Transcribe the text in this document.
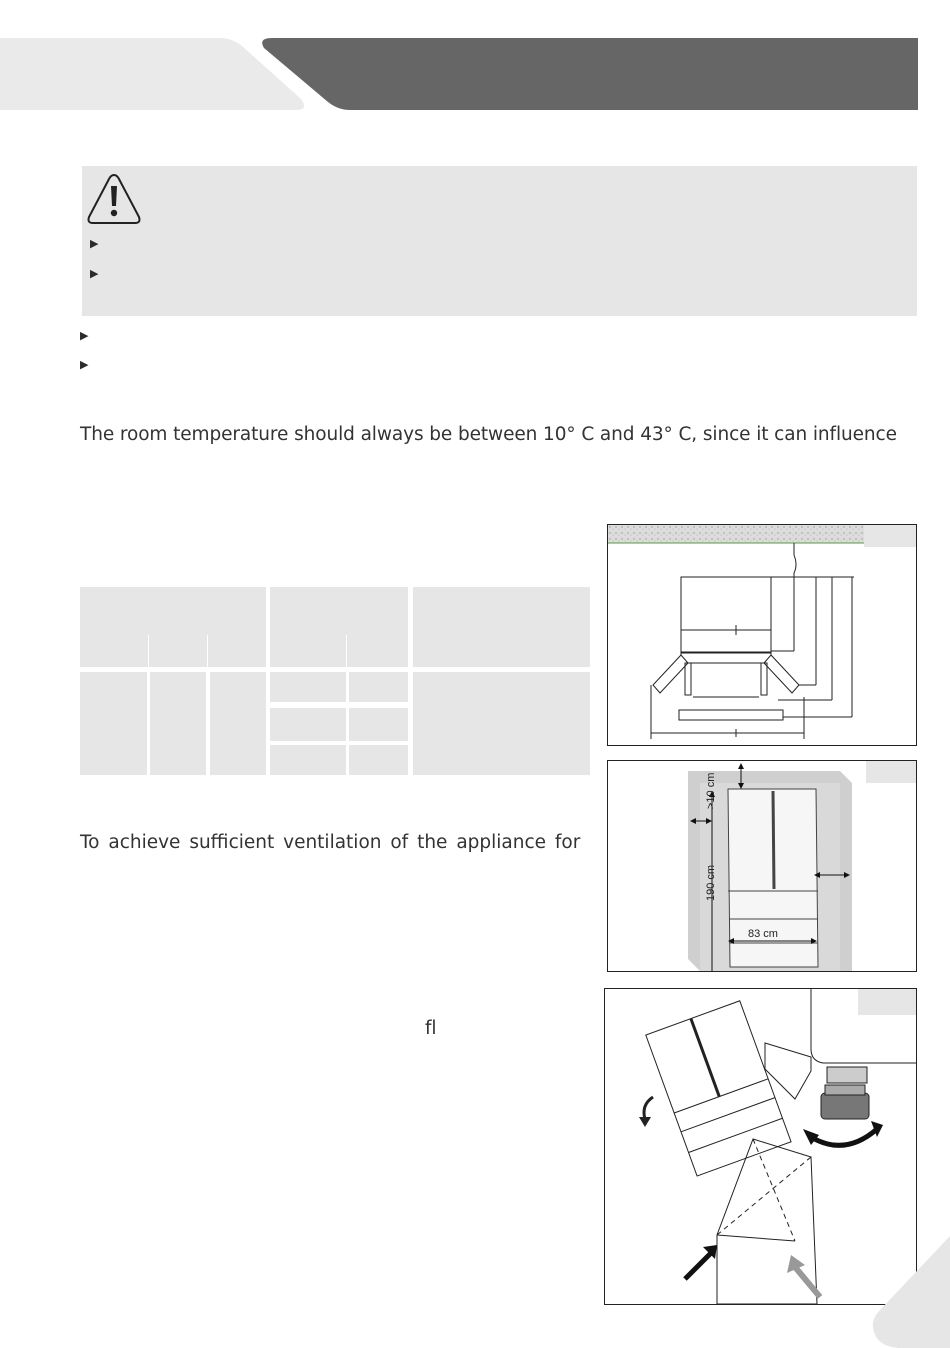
▶
▶
▶
▶
The room temperature should always be between 10° C and 43° C, since it can influence
To achieve sufficient ventilation of the appliance for
fl
>10 cm
190 cm
83 cm
